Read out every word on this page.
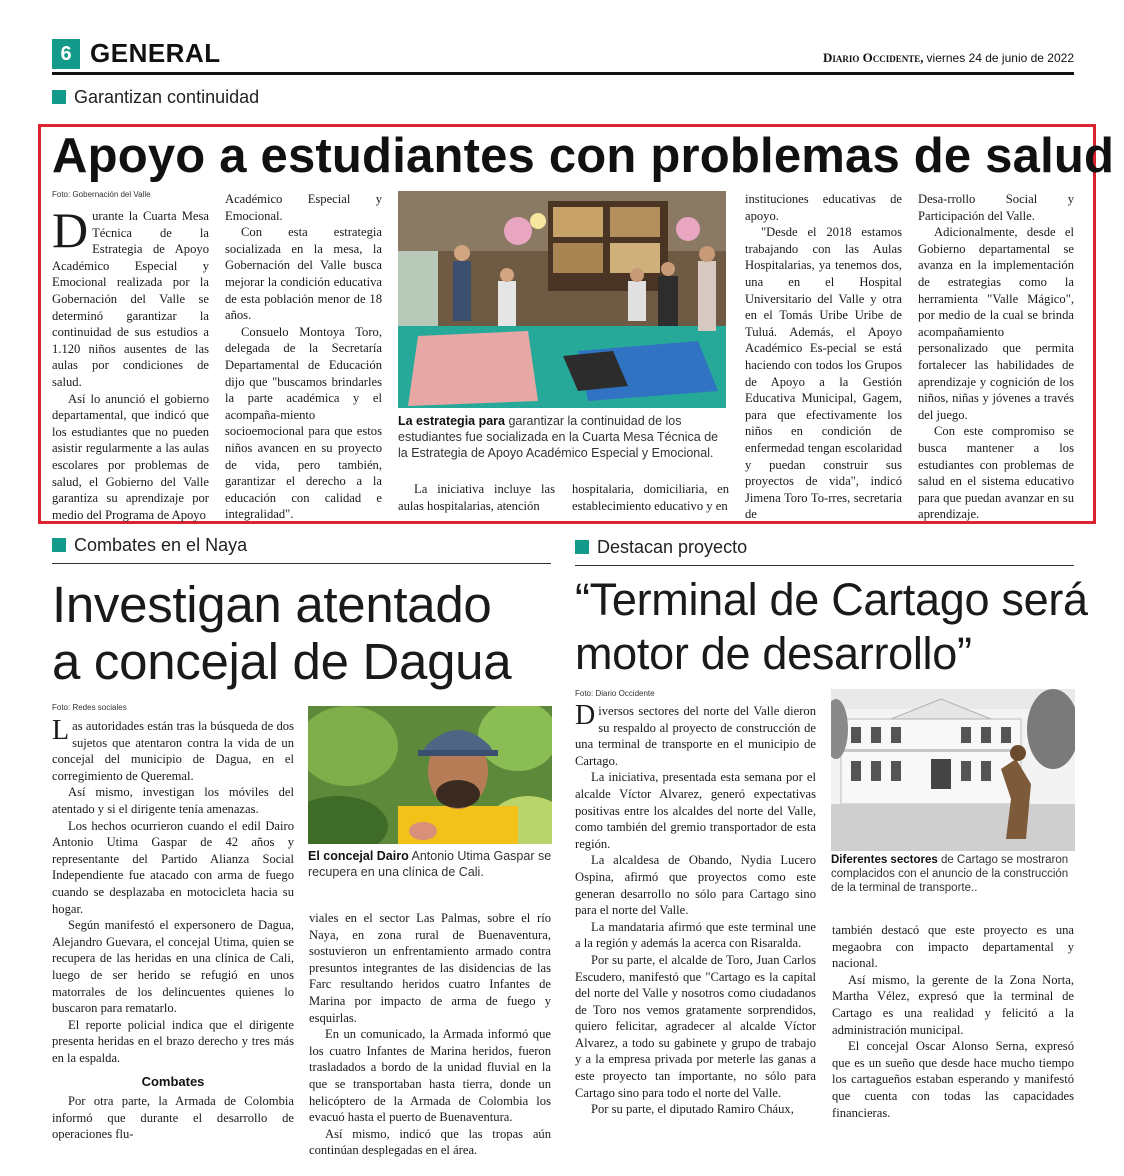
6 GENERAL	Diario Occidente, viernes 24 de junio de 2022
Garantizan continuidad
Apoyo a estudiantes con problemas de salud
Foto: Gobernación del Valle

Durante la Cuarta Mesa Técnica de la Estrategia de Apoyo Académico Especial y Emocional realizada por la Gobernación del Valle se determinó garantizar la continuidad de sus estudios a 1.120 niños ausentes de las aulas por condiciones de salud.

Así lo anunció el gobierno departamental, que indicó que los estudiantes que no pueden asistir regularmente a las aulas escolares por problemas de salud, el Gobierno del Valle garantiza su aprendizaje por medio del Programa de Apoyo

Académico Especial y Emocional.

Con esta estrategia socializada en la mesa, la Gobernación del Valle busca mejorar la condición educativa de esta población menor de 18 años.

Consuelo Montoya Toro, delegada de la Secretaría Departamental de Educación dijo que "buscamos brindarles la parte académica y el acompaña-miento socioemocional para que estos niños avancen en su proyecto de vida, pero también, garantizar el derecho a la educación con calidad e integralidad".

La estrategia para garantizar la continuidad de los estudiantes fue socializada en la Cuarta Mesa Técnica de la Estrategia de Apoyo Académico Especial y Emocional.

La iniciativa incluye las aulas hospitalarias, atención

hospitalaria, domiciliaria, en establecimiento educativo y en

instituciones educativas de apoyo.

"Desde el 2018 estamos trabajando con las Aulas Hospitalarias, ya tenemos dos, una en el Hospital Universitario del Valle y otra en el Tomás Uribe Uribe de Tuluá. Además, el Apoyo Académico Es-pecial se está haciendo con todos los Grupos de Apoyo a la Gestión Educativa Municipal, Gagem, para que efectivamente los niños en condición de enfermedad tengan escolaridad y puedan construir sus proyectos de vida", indicó Jimena Toro To-rres, secretaria de

Desa-rrollo Social y Participación del Valle.

Adicionalmente, desde el Gobierno departamental se avanza en la implementación de estrategias como la herramienta "Valle Mágico", por medio de la cual se brinda acompañamiento personalizado que permita fortalecer las habilidades de aprendizaje y cognición de los niños, niñas y jóvenes a través del juego.

Con este compromiso se busca mantener a los estudiantes con problemas de salud en el sistema educativo para que puedan avanzar en su aprendizaje.

Combates en el Naya
Investigan atentado
a concejal de Dagua
Foto: Redes sociales

Las autoridades están tras la búsqueda de dos sujetos que atentaron contra la vida de un concejal del municipio de Dagua, en el corregimiento de Queremal.

Así mismo, investigan los móviles del atentado y si el dirigente tenía amenazas.

Los hechos ocurrieron cuando el edil Dairo Antonio Utima Gaspar de 42 años y representante del Partido Alianza Social Independiente fue atacado con arma de fuego cuando se desplazaba en motocicleta hacia su hogar.

Según manifestó el expersonero de Dagua, Alejandro Guevara, el concejal Utima, quien se recupera de las heridas en una clínica de Cali, luego de ser herido se refugió en unos matorrales de los delincuentes quienes lo buscaron para rematarlo.

El reporte policial indica que el dirigente presenta heridas en el brazo derecho y tres más en la espalda.

Combates

Por otra parte, la Armada de Colombia informó que durante el desarrollo de operaciones flu-

El concejal Dairo Antonio Utima Gaspar se recupera en una clínica de Cali.

viales en el sector Las Palmas, sobre el río Naya, en zona rural de Buenaventura, sostuvieron un enfrentamiento armado contra presuntos integrantes de las disidencias de las Farc resultando heridos cuatro Infantes de Marina por impacto de arma de fuego y esquirlas.

En un comunicado, la Armada informó que los cuatro Infantes de Marina heridos, fueron trasladados a bordo de la unidad fluvial en la que se transportaban hasta tierra, donde un helicóptero de la Armada de Colombia los evacuó hasta el puerto de Buenaventura.

Así mismo, indicó que las tropas aún continúan desplegadas en el área.

Destacan proyecto
“Terminal de Cartago será
motor de desarrollo”
Foto: Diario Occidente

Diversos sectores del norte del Valle dieron su respaldo al proyecto de construcción de una terminal de transporte en el municipio de Cartago.

La iniciativa, presentada esta semana por el alcalde Víctor Alvarez, generó expectativas positivas entre los alcaldes del norte del Valle, como también del gremio transportador de esta región.

La alcaldesa de Obando, Nydia Lucero Ospina, afirmó que proyectos como este generan desarrollo no sólo para Cartago sino para el norte del Valle.

La mandataria afirmó que este terminal une a la región y además la acerca con Risaralda.

Por su parte, el alcalde de Toro, Juan Carlos Escudero, manifestó que "Cartago es la capital del norte del Valle y nosotros como ciudadanos de Toro nos vemos gratamente sorprendidos, quiero felicitar, agradecer al alcalde Víctor Alvarez, a todo su gabinete y grupo de trabajo y a la empresa privada por meterle las ganas a este proyecto tan importante, no sólo para Cartago sino para todo el norte del Valle.

Por su parte, el diputado Ramiro Cháux,

Diferentes sectores de Cartago se mostraron complacidos con el anuncio de la construcción de la terminal de transporte..

también destacó que este proyecto es una megaobra con impacto departamental y nacional.

Así mismo, la gerente de la Zona Norta, Martha Vélez, expresó que la terminal de Cartago es una realidad y felicitó a la administración municipal.

El concejal Oscar Alonso Serna, expresó que es un sueño que desde hace mucho tiempo los cartagueños estaban esperando y manifestó que cuenta con todas las capacidades financieras.
